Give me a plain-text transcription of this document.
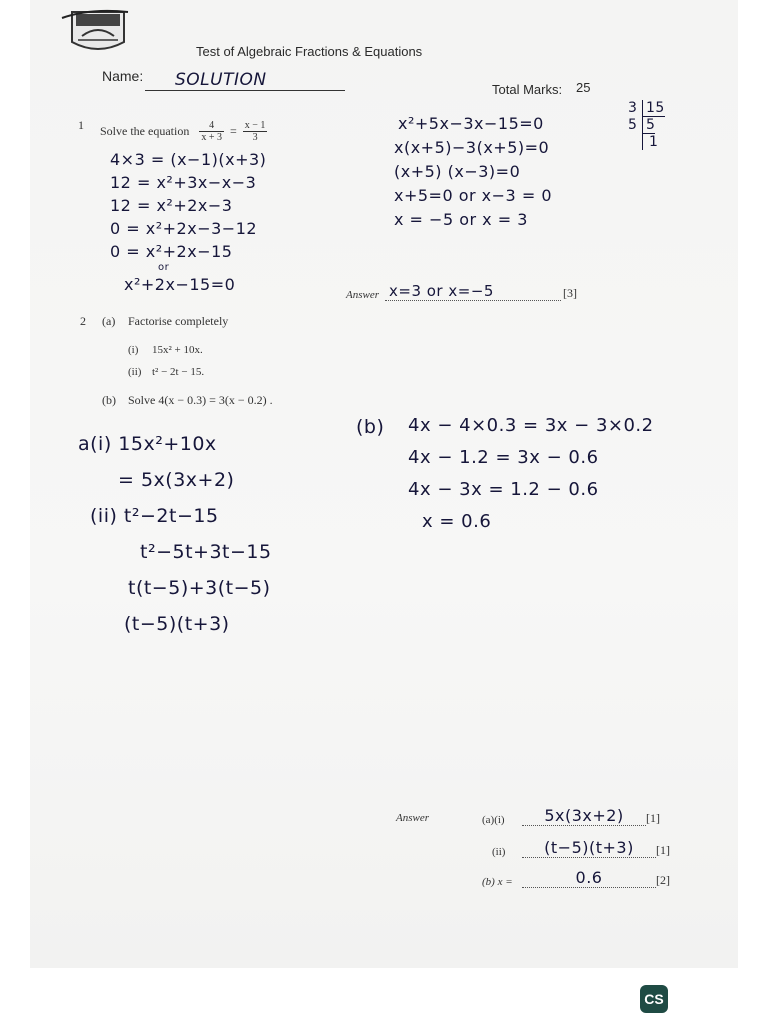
Test of Algebraic Fractions & Equations
Name:	SOLUTION	Total Marks: 25
3 15
5 5
1
1 Solve the equation $\frac{4}{x + 3} = \frac{x - 1}{3}$
4×3 = (x−1)(x+3)
12 = x²+3x−x−3
12 = x²+2x−3
0 = x²+2x−3−12
0 = x²+2x−15
or
x²+2x−15=0
x²+5x−3x−15=0
x(x+5)−3(x+5)=0
(x+5) (x−3)=0
x+5=0 or x−3 = 0
x = −5 or x = 3
Answer x=3 or x=−5	[3]
2 (a) Factorise completely
(i) 15x² + 10x.
(ii) t² − 2t − 15.
(b) Solve 4(x − 0.3) = 3(x − 0.2) .
a(i) 15x²+10x
= 5x(3x+2)
(ii) t²−2t−15
t²−5t+3t−15
t(t−5)+3(t−5)
(t−5)(t+3)
(b) 4x − 4×0.3 = 3x − 3×0.2
4x − 1.2 = 3x − 0.6
4x − 3x = 1.2 − 0.6
x = 0.6
Answer	(a)(i)	5x(3x+2)	[1]
(ii)	(t−5)(t+3)	[1]
(b) x =	0.6	[2]
CS
